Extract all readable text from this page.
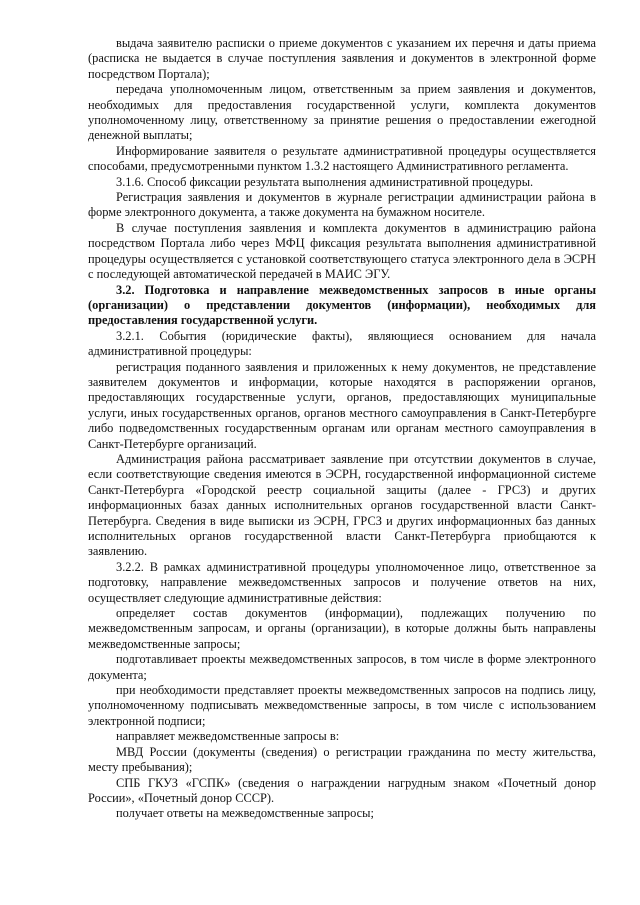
выдача заявителю расписки о приеме документов с указанием их перечня и даты приема (расписка не выдается в случае поступления заявления и документов в электронной форме посредством Портала);

передача уполномоченным лицом, ответственным за прием заявления и документов, необходимых для предоставления государственной услуги, комплекта документов уполномоченному лицу, ответственному за принятие решения о предоставлении ежегодной денежной выплаты;

Информирование заявителя о результате административной процедуры осуществляется способами, предусмотренными пунктом 1.3.2 настоящего Административного регламента.

3.1.6. Способ фиксации результата выполнения административной процедуры.

Регистрация заявления и документов в журнале регистрации администрации района в форме электронного документа, а также документа на бумажном носителе.

В случае поступления заявления и комплекта документов в администрацию района посредством Портала либо через МФЦ фиксация результата выполнения административной процедуры осуществляется с установкой соответствующего статуса электронного дела в ЭСРН с последующей автоматической передачей в МАИС ЭГУ.

3.2. Подготовка и направление межведомственных запросов в иные органы (организации) о представлении документов (информации), необходимых для предоставления государственной услуги.

3.2.1. События (юридические факты), являющиеся основанием для начала административной процедуры:

регистрация поданного заявления и приложенных к нему документов, не представление заявителем документов и информации, которые находятся в распоряжении органов, предоставляющих государственные услуги, органов, предоставляющих муниципальные услуги, иных государственных органов, органов местного самоуправления в Санкт-Петербурге либо подведомственных государственным органам или органам местного самоуправления в Санкт-Петербурге организаций.

Администрация района рассматривает заявление при отсутствии документов в случае, если соответствующие сведения имеются в ЭСРН, государственной информационной системе Санкт-Петербурга «Городской реестр социальной защиты (далее - ГРСЗ) и других информационных базах данных исполнительных органов государственной власти Санкт-Петербурга. Сведения в виде выписки из ЭСРН, ГРСЗ и других информационных баз данных исполнительных органов государственной власти Санкт-Петербурга приобщаются к заявлению.

3.2.2. В рамках административной процедуры уполномоченное лицо, ответственное за подготовку, направление межведомственных запросов и получение ответов на них, осуществляет следующие административные действия:

определяет состав документов (информации), подлежащих получению по межведомственным запросам, и органы (организации), в которые должны быть направлены межведомственные запросы;

подготавливает проекты межведомственных запросов, в том числе в форме электронного документа;

при необходимости представляет проекты межведомственных запросов на подпись лицу, уполномоченному подписывать межведомственные запросы, в том числе с использованием электронной подписи;

направляет межведомственные запросы в:

МВД России (документы (сведения) о регистрации гражданина по месту жительства, месту пребывания);

СПБ ГКУЗ «ГСПК» (сведения о награждении нагрудным знаком «Почетный донор России», «Почетный донор СССР).

получает ответы на межведомственные запросы;
